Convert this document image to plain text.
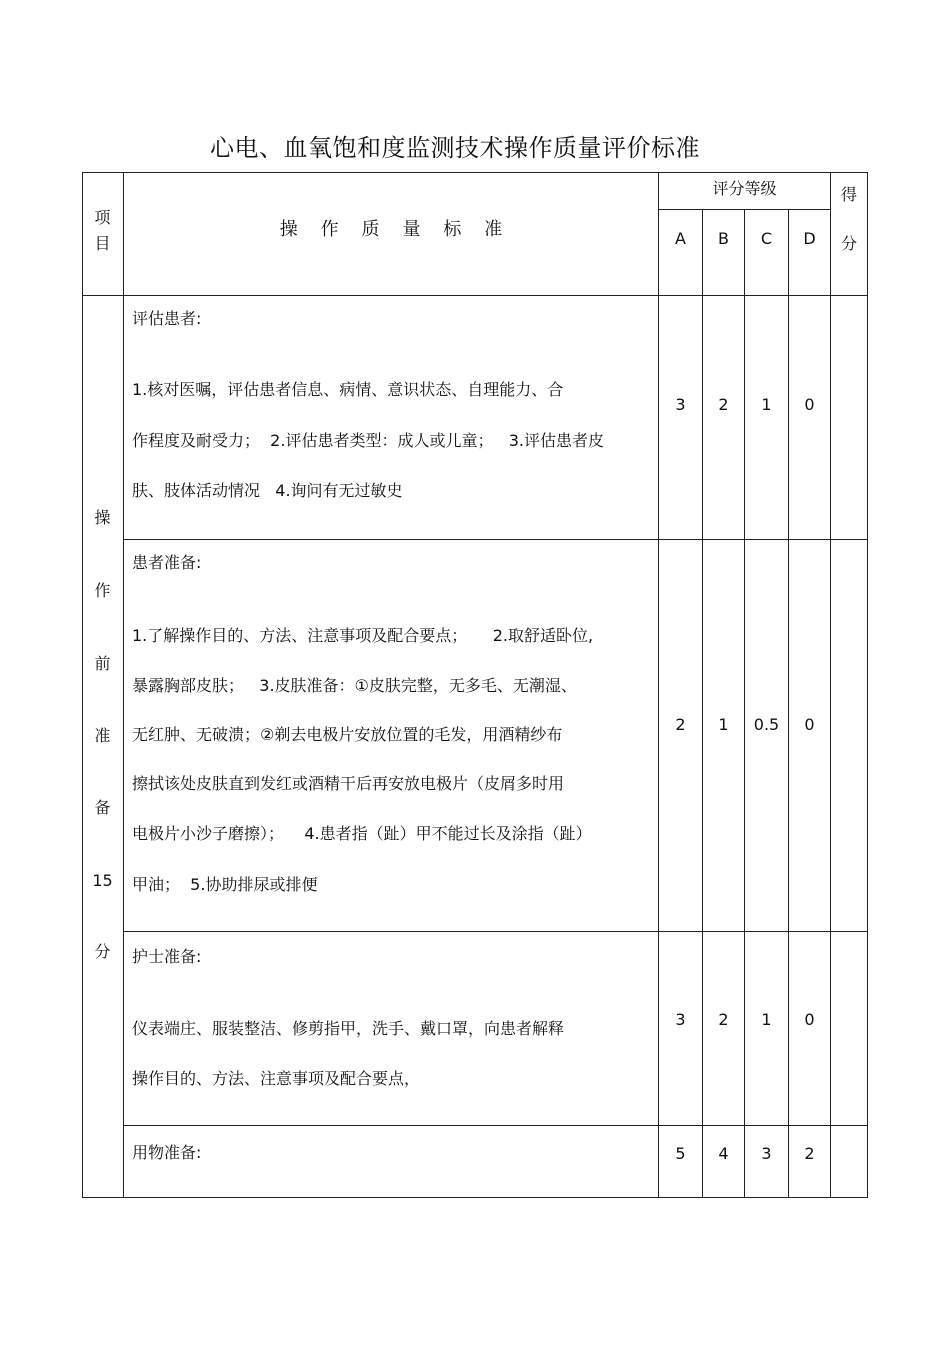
心电、血氧饱和度监测技术操作质量评价标准
项
目
操    作    质    量    标    准
评分等级
A	B	C	D
得
分
操
作
前
准
备
15
分
评估患者:
1.核对医嘱，评估患者信息、病情、意识状态、自理能力、合
作程度及耐受力；  2.评估患者类型：成人或儿童；   3.评估患者皮
肤、肢体活动情况   4.询问有无过敏史
3	2	1	0
患者准备:
1.了解操作目的、方法、注意事项及配合要点；     2.取舒适卧位,
暴露胸部皮肤；   3.皮肤准备：①皮肤完整，无多毛、无潮湿、
无红肿、无破溃；②剃去电极片安放位置的毛发，用酒精纱布
擦拭该处皮肤直到发红或酒精干后再安放电极片（皮屑多时用
电极片小沙子磨擦）；    4.患者指（趾）甲不能过长及涂指（趾）
甲油；  5.协助排尿或排便
2	1	0.5	0
护士准备:
仪表端庄、服装整洁、修剪指甲，洗手、戴口罩，向患者解释
操作目的、方法、注意事项及配合要点，
3	2	1	0
用物准备:	5	4	3	2
